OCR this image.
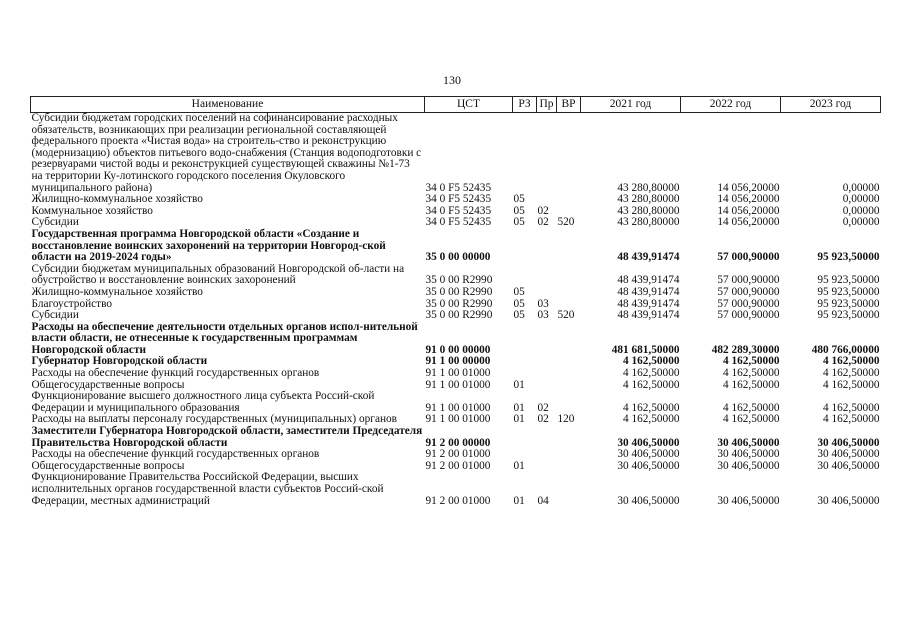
130
Наименование	ЦСТ	РЗ	Пр	ВР	2021 год	2022 год	2023 год
Субсидии бюджетам городских поселений на софинансирование расходных обязательств, возникающих при реализации региональной составляющей федерального проекта «Чистая вода» на строитель-ство и реконструкцию (модернизацию) объектов питьевого водо-снабжения (Станция водоподготовки с резервуарами чистой воды и реконструкцией существующей скважины №1-73 на территории Ку-лотинского городского поселения Окуловского муниципального района)	34 0 F5 52435				43 280,80000	14 056,20000	0,00000
Жилищно-коммунальное хозяйство	34 0 F5 52435	05			43 280,80000	14 056,20000	0,00000
Коммунальное хозяйство	34 0 F5 52435	05	02		43 280,80000	14 056,20000	0,00000
Субсидии	34 0 F5 52435	05	02	520	43 280,80000	14 056,20000	0,00000
Государственная программа Новгородской области «Создание и восстановление воинских захоронений на территории Новгород-ской области на 2019-2024 годы»	35 0 00 00000				48 439,91474	57 000,90000	95 923,50000
Субсидии бюджетам муниципальных образований Новгородской об-ласти на обустройство и восстановление воинских захоронений	35 0 00 R2990				48 439,91474	57 000,90000	95 923,50000
Жилищно-коммунальное хозяйство	35 0 00 R2990	05			48 439,91474	57 000,90000	95 923,50000
Благоустройство	35 0 00 R2990	05	03		48 439,91474	57 000,90000	95 923,50000
Субсидии	35 0 00 R2990	05	03	520	48 439,91474	57 000,90000	95 923,50000
Расходы на обеспечение деятельности отдельных органов испол-нительной власти области, не отнесенные к государственным программам Новгородской области	91 0 00 00000				481 681,50000	482 289,30000	480 766,00000
Губернатор Новгородской области	91 1 00 00000				4 162,50000	4 162,50000	4 162,50000
Расходы на обеспечение функций государственных органов	91 1 00 01000				4 162,50000	4 162,50000	4 162,50000
Общегосударственные вопросы	91 1 00 01000	01			4 162,50000	4 162,50000	4 162,50000
Функционирование высшего должностного лица субъекта Россий-ской Федерации и муниципального образования	91 1 00 01000	01	02		4 162,50000	4 162,50000	4 162,50000
Расходы на выплаты персоналу государственных (муниципальных) органов	91 1 00 01000	01	02	120	4 162,50000	4 162,50000	4 162,50000
Заместители Губернатора Новгородской области, заместители Председателя Правительства Новгородской области	91 2 00 00000				30 406,50000	30 406,50000	30 406,50000
Расходы на обеспечение функций государственных органов	91 2 00 01000				30 406,50000	30 406,50000	30 406,50000
Общегосударственные вопросы	91 2 00 01000	01			30 406,50000	30 406,50000	30 406,50000
Функционирование Правительства Российской Федерации, высших исполнительных органов государственной власти субъектов Россий-ской Федерации, местных администраций	91 2 00 01000	01	04		30 406,50000	30 406,50000	30 406,50000
